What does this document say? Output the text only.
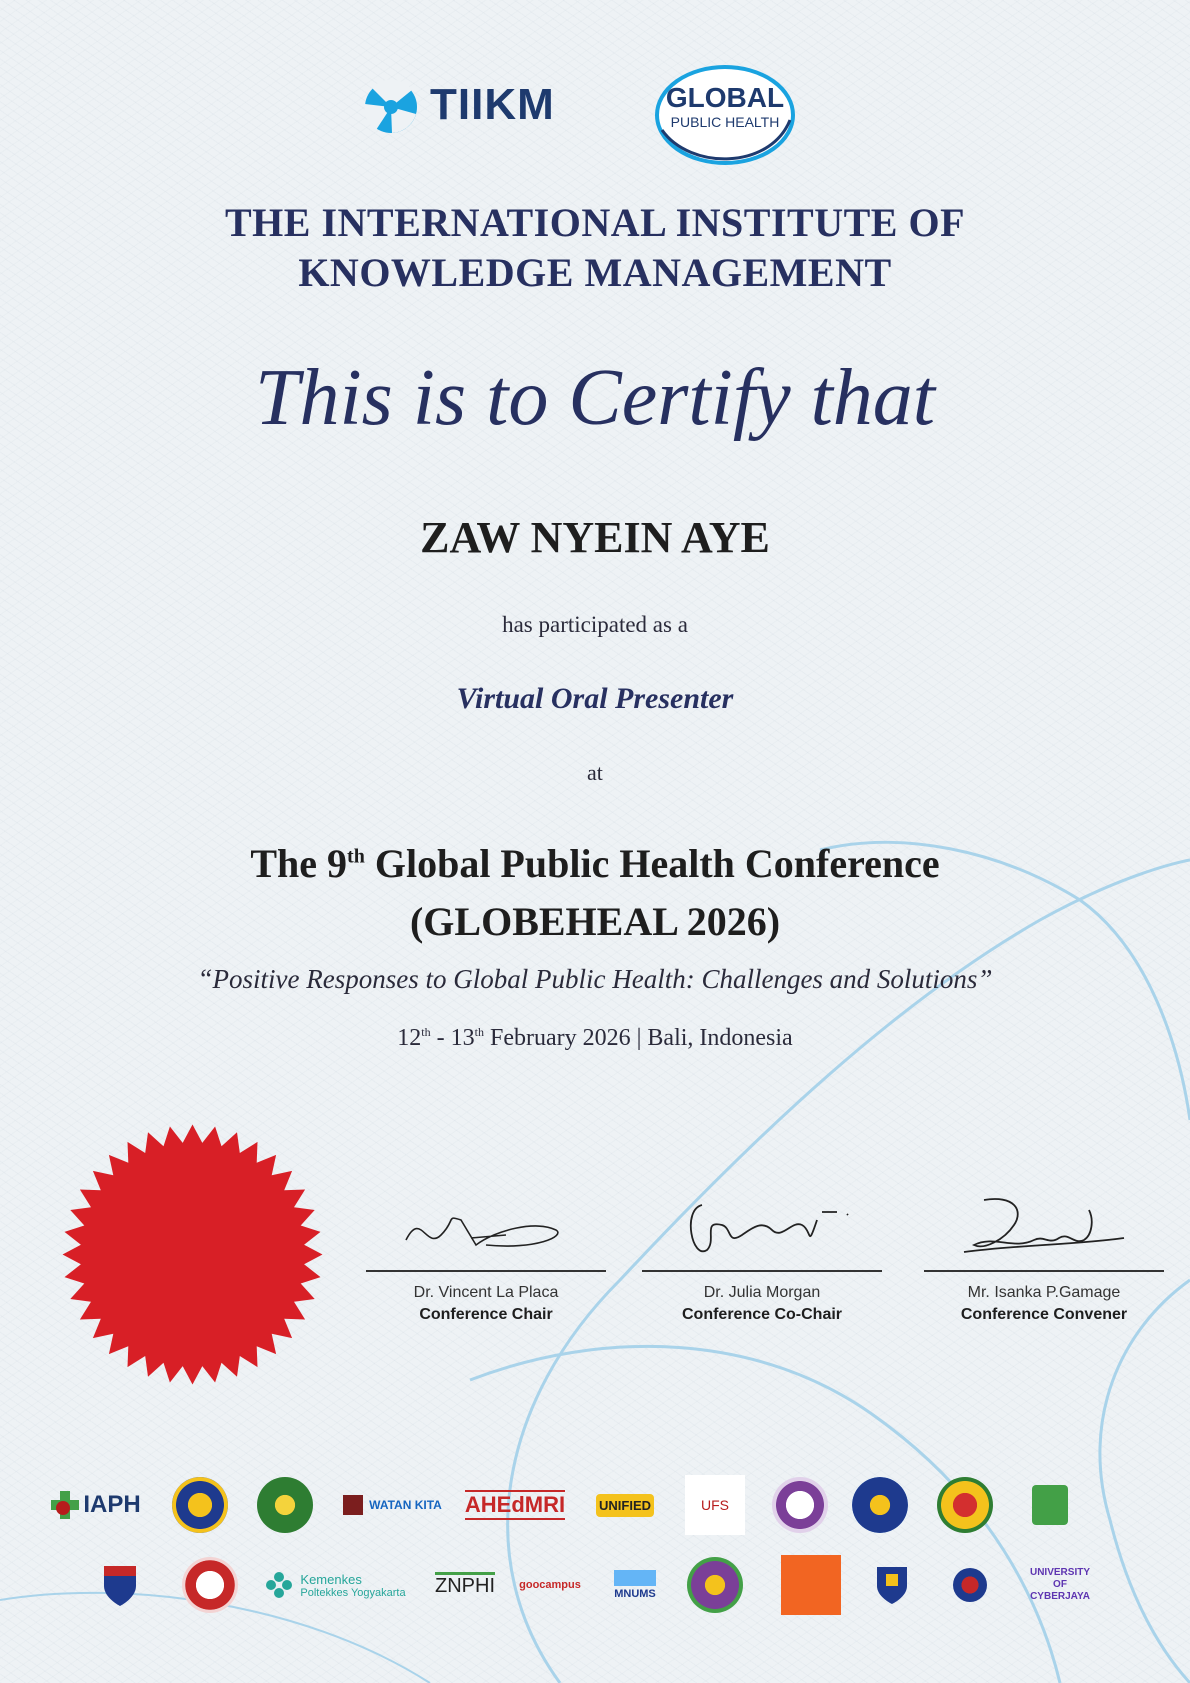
TIIKM	GLOBAL
PUBLIC HEALTH
THE INTERNATIONAL INSTITUTE OF
KNOWLEDGE MANAGEMENT
This is to Certify that
ZAW NYEIN AYE
has participated as a
Virtual Oral Presenter
at
The 9th Global Public Health Conference
(GLOBEHEAL 2026)
“Positive Responses to Global Public Health: Challenges and Solutions”
12th - 13th February 2026 | Bali, Indonesia
Dr. Vincent La Placa
Conference Chair
Dr. Julia Morgan
Conference Co-Chair
Mr. Isanka P.Gamage
Conference Convener
IAPH	WATAN KITA AHEdMRI	UNIFIED	UFS
Kemenkes
Poltekkes Yogyakarta ZNPHI goocampus
MNUMS
UNIVERSITY OF CYBERJAYA
